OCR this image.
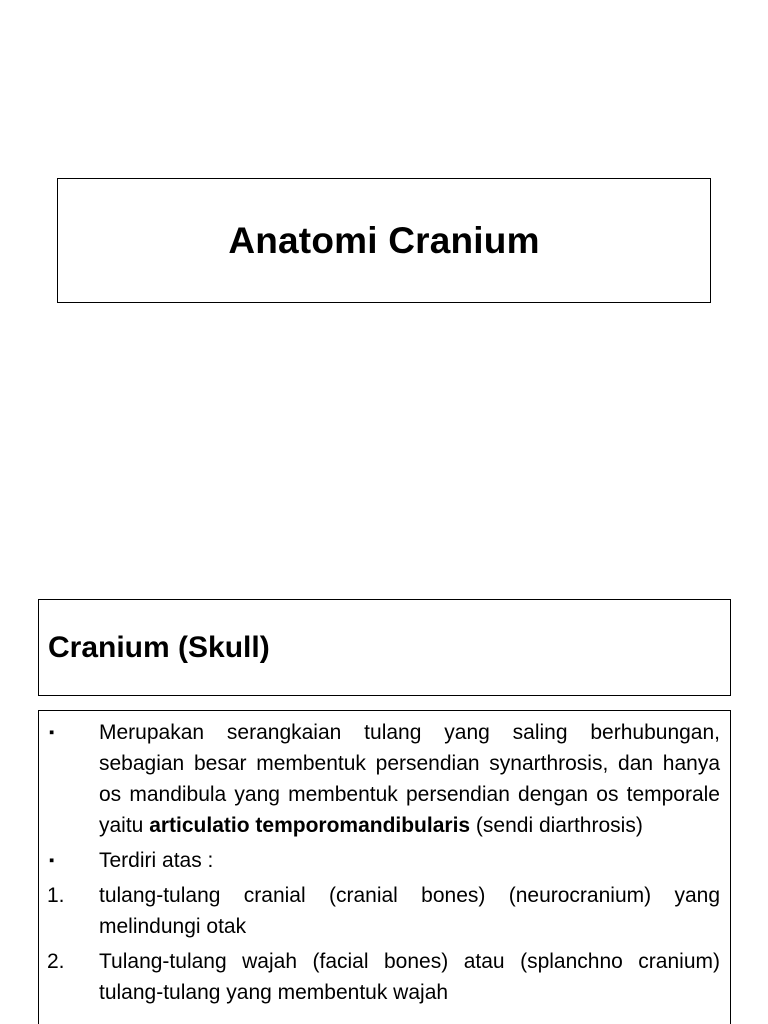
Anatomi Cranium
Cranium (Skull)
▪ Merupakan serangkaian tulang yang saling berhubungan, sebagian besar membentuk persendian synarthrosis, dan hanya os mandibula yang membentuk persendian dengan os temporale yaitu articulatio temporomandibularis (sendi diarthrosis)

▪ Terdiri atas :

1. tulang-tulang cranial (cranial bones) (neurocranium) yang melindungi otak

2. Tulang-tulang wajah (facial bones) atau (splanchno cranium) tulang-tulang yang membentuk wajah
